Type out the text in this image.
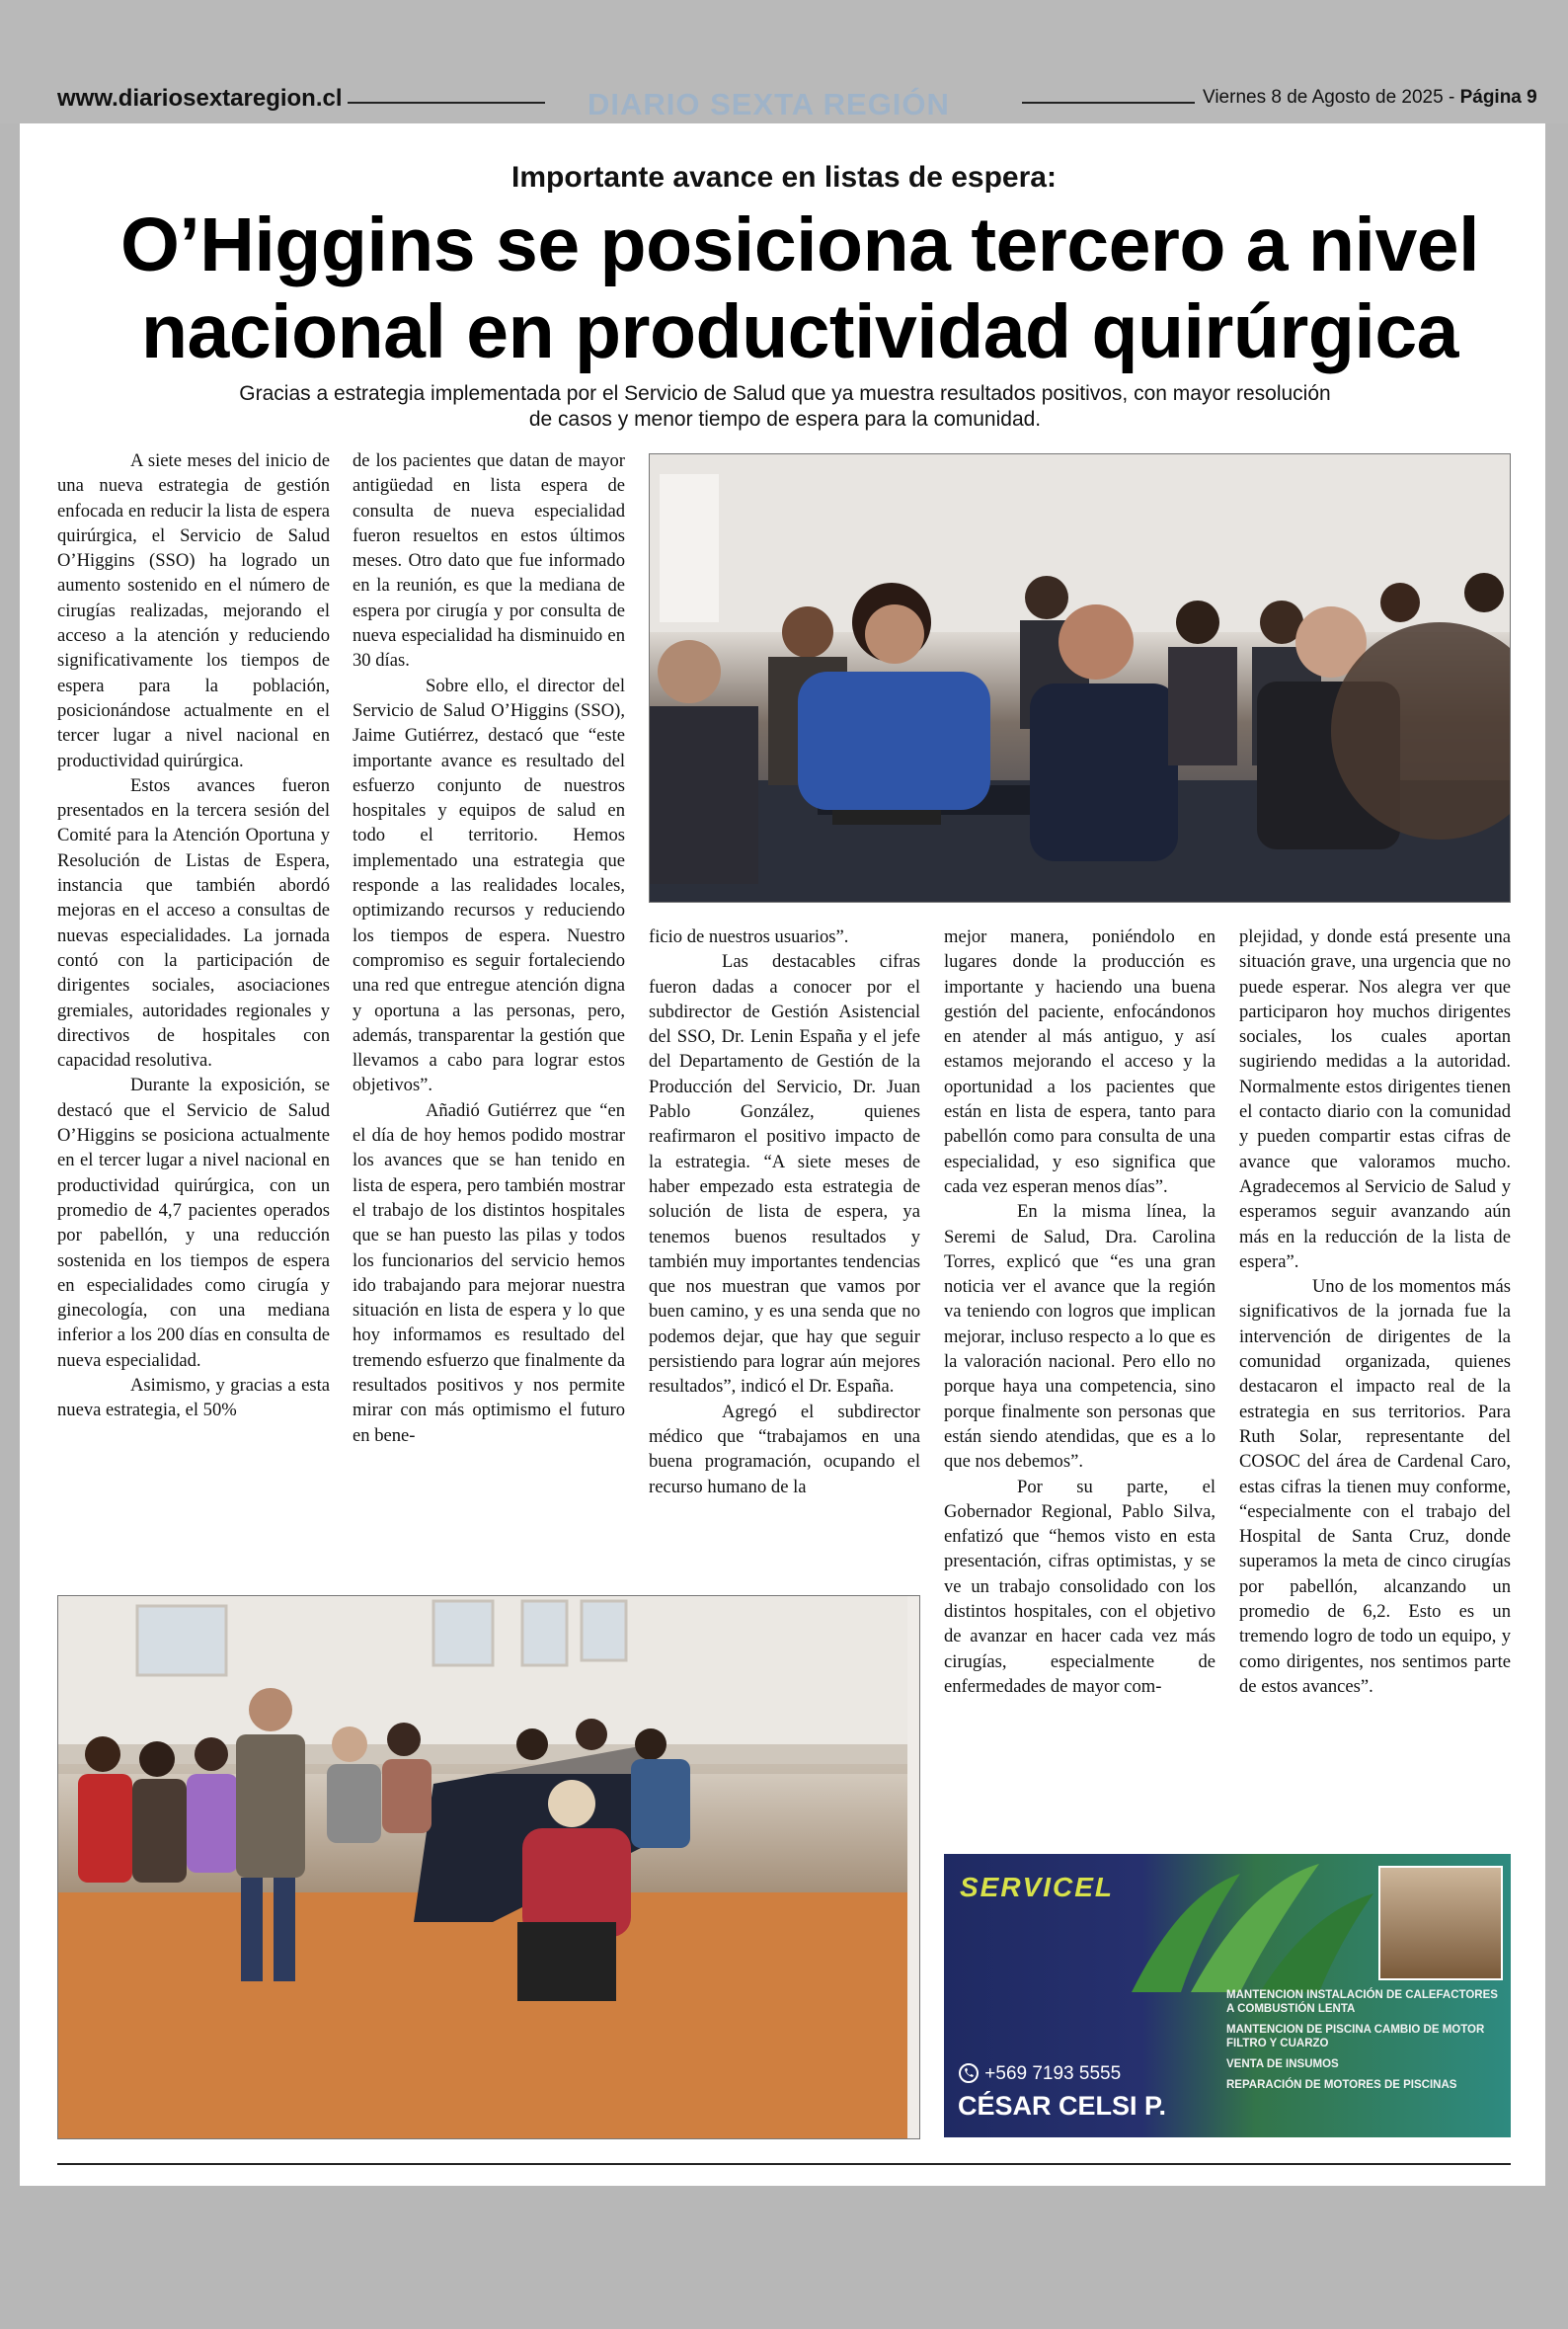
www.diariosextaregion.cl	DIARIO SEXTA REGIÓN	Viernes 8 de Agosto de 2025 - Página 9
Importante avance en listas de espera:
O’Higgins se posiciona tercero a nivel nacional en productividad quirúrgica
Gracias a estrategia implementada por el Servicio de Salud que ya muestra resultados positivos, con mayor resolución de casos y menor tiempo de espera para la comunidad.

A siete meses del inicio de una nueva estrategia de gestión enfocada en reducir la lista de espera quirúrgica, el Servicio de Salud O’Higgins (SSO) ha logrado un aumento sostenido en el número de cirugías realizadas, mejorando el acceso a la atención y reduciendo significativamente los tiempos de espera para la población, posicionándose actualmente en el tercer lugar a nivel nacional en productividad quirúrgica.

Estos avances fueron presentados en la tercera sesión del Comité para la Atención Oportuna y Resolución de Listas de Espera, instancia que también abordó mejoras en el acceso a consultas de nuevas especialidades. La jornada contó con la participación de dirigentes sociales, asociaciones gremiales, autoridades regionales y directivos de hospitales con capacidad resolutiva.

Durante la exposición, se destacó que el Servicio de Salud O’Higgins se posiciona actualmente en el tercer lugar a nivel nacional en productividad quirúrgica, con un promedio de 4,7 pacientes operados por pabellón, y una reducción sostenida en los tiempos de espera en especialidades como cirugía y ginecología, con una mediana inferior a los 200 días en consulta de nueva especialidad.

Asimismo, y gracias a esta nueva estrategia, el 50%

de los pacientes que datan de mayor antigüedad en lista espera de consulta de nueva especialidad fueron resueltos en estos últimos meses. Otro dato que fue informado en la reunión, es que la mediana de espera por cirugía y por consulta de nueva especialidad ha disminuido en 30 días.

Sobre ello, el director del Servicio de Salud O’Higgins (SSO), Jaime Gutiérrez, destacó que “este importante avance es resultado del esfuerzo conjunto de nuestros hospitales y equipos de salud en todo el territorio. Hemos implementado una estrategia que responde a las realidades locales, optimizando recursos y reduciendo los tiempos de espera. Nuestro compromiso es seguir fortaleciendo una red que entregue atención digna y oportuna a las personas, pero, además, transparentar la gestión que llevamos a cabo para lograr estos objetivos”.

Añadió Gutiérrez que “en el día de hoy hemos podido mostrar los avances que se han tenido en lista de espera, pero también mostrar el trabajo de los distintos hospitales que se han puesto las pilas y todos los funcionarios del servicio hemos ido trabajando para mejorar nuestra situación en lista de espera y lo que hoy informamos es resultado del tremendo esfuerzo que finalmente da resultados positivos y nos permite mirar con más optimismo el futuro en bene-

ficio de nuestros usuarios”.

Las destacables cifras fueron dadas a conocer por el subdirector de Gestión Asistencial del SSO, Dr. Lenin España y el jefe del Departamento de Gestión de la Producción del Servicio, Dr. Juan Pablo González, quienes reafirmaron el positivo impacto de la estrategia. “A siete meses de haber empezado esta estrategia de solución de lista de espera, ya tenemos buenos resultados y también muy importantes tendencias que nos muestran que vamos por buen camino, y es una senda que no podemos dejar, que hay que seguir persistiendo para lograr aún mejores resultados”, indicó el Dr. España.

Agregó el subdirector médico que “trabajamos en una buena programación, ocupando el recurso humano de la

mejor manera, poniéndolo en lugares donde la producción es importante y haciendo una buena gestión del paciente, enfocándonos en atender al más antiguo, y así estamos mejorando el acceso y la oportunidad a los pacientes que están en lista de espera, tanto para pabellón como para consulta de una especialidad, y eso significa que cada vez esperan menos días”.

En la misma línea, la Seremi de Salud, Dra. Carolina Torres, explicó que “es una gran noticia ver el avance que la región va teniendo con logros que implican mejorar, incluso respecto a lo que es la valoración nacional. Pero ello no porque haya una competencia, sino porque finalmente son personas que están siendo atendidas, que es a lo que nos debemos”.

Por su parte, el Gobernador Regional, Pablo Silva, enfatizó que “hemos visto en esta presentación, cifras optimistas, y se ve un trabajo consolidado con los distintos hospitales, con el objetivo de avanzar en hacer cada vez más cirugías, especialmente de enfermedades de mayor com-

plejidad, y donde está presente una situación grave, una urgencia que no puede esperar. Nos alegra ver que participaron hoy muchos dirigentes sociales, los cuales aportan sugiriendo medidas a la autoridad. Normalmente estos dirigentes tienen el contacto diario con la comunidad y pueden compartir estas cifras de avance que valoramos mucho. Agradecemos al Servicio de Salud y esperamos seguir avanzando aún más en la reducción de la lista de espera”.

Uno de los momentos más significativos de la jornada fue la intervención de dirigentes de la comunidad organizada, quienes destacaron el impacto real de la estrategia en sus territorios. Para Ruth Solar, representante del COSOC del área de Cardenal Caro, estas cifras la tienen muy conforme, “especialmente con el trabajo del Hospital de Santa Cruz, donde superamos la meta de cinco cirugías por pabellón, alcanzando un promedio de 6,2. Esto es un tremendo logro de todo un equipo, y como dirigentes, nos sentimos parte de estos avances”.

SERVICEL
MANTENCION INSTALACIÓN DE CALEFACTORES A COMBUSTIÓN LENTA
MANTENCION DE PISCINA CAMBIO DE MOTOR FILTRO Y CUARZO
VENTA DE INSUMOS
REPARACIÓN DE MOTORES DE PISCINAS
+569 7193 5555
CÉSAR CELSI P.
